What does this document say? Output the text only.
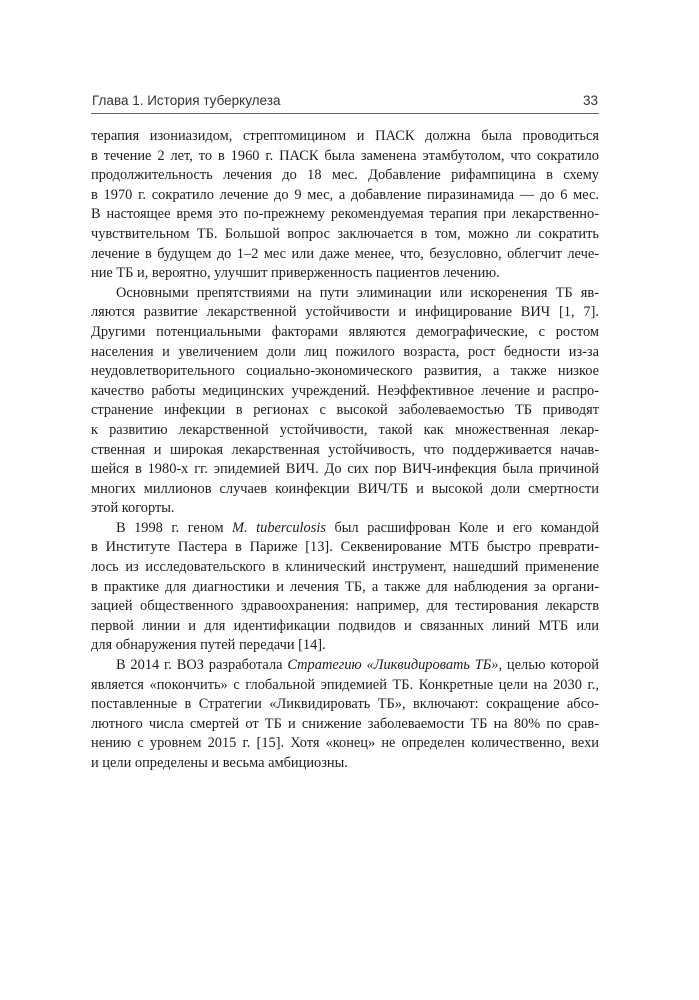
Глава 1. История туберкулеза	33
терапия изониазидом, стрептомицином и ПАСК должна была проводиться
в течение 2 лет, то в 1960 г. ПАСК была заменена этамбутолом, что сократило
продолжительность лечения до 18 мес. Добавление рифампицина в схему
в 1970 г. сократило лечение до 9 мес, а добавление пиразинамида — до 6 мес.
В настоящее время это по-прежнему рекомендуемая терапия при лекарственно-
чувствительном ТБ. Большой вопрос заключается в том, можно ли сократить
лечение в будущем до 1–2 мес или даже менее, что, безусловно, облегчит лече-
ние ТБ и, вероятно, улучшит приверженность пациентов лечению.
Основными препятствиями на пути элиминации или искоренения ТБ яв-
ляются развитие лекарственной устойчивости и инфицирование ВИЧ [1, 7].
Другими потенциальными факторами являются демографические, с ростом
населения и увеличением доли лиц пожилого возраста, рост бедности из-за
неудовлетворительного социально-экономического развития, а также низкое
качество работы медицинских учреждений. Неэффективное лечение и распро-
странение инфекции в регионах с высокой заболеваемостью ТБ приводят
к развитию лекарственной устойчивости, такой как множественная лекар-
ственная и широкая лекарственная устойчивость, что поддерживается начав-
шейся в 1980-х гг. эпидемией ВИЧ. До сих пор ВИЧ-инфекция была причиной
многих миллионов случаев коинфекции ВИЧ/ТБ и высокой доли смертности
этой когорты.
В 1998 г. геном M. tuberculosis был расшифрован Коле и его командой
в Институте Пастера в Париже [13]. Секвенирование МТБ быстро преврати-
лось из исследовательского в клинический инструмент, нашедший применение
в практике для диагностики и лечения ТБ, а также для наблюдения за органи-
зацией общественного здравоохранения: например, для тестирования лекарств
первой линии и для идентификации подвидов и связанных линий МТБ или
для обнаружения путей передачи [14].
В 2014 г. ВОЗ разработала Стратегию «Ликвидировать ТБ», целью которой
является «покончить» с глобальной эпидемией ТБ. Конкретные цели на 2030 г.,
поставленные в Стратегии «Ликвидировать ТБ», включают: сокращение абсо-
лютного числа смертей от ТБ и снижение заболеваемости ТБ на 80% по срав-
нению с уровнем 2015 г. [15]. Хотя «конец» не определен количественно, вехи
и цели определены и весьма амбициозны.
